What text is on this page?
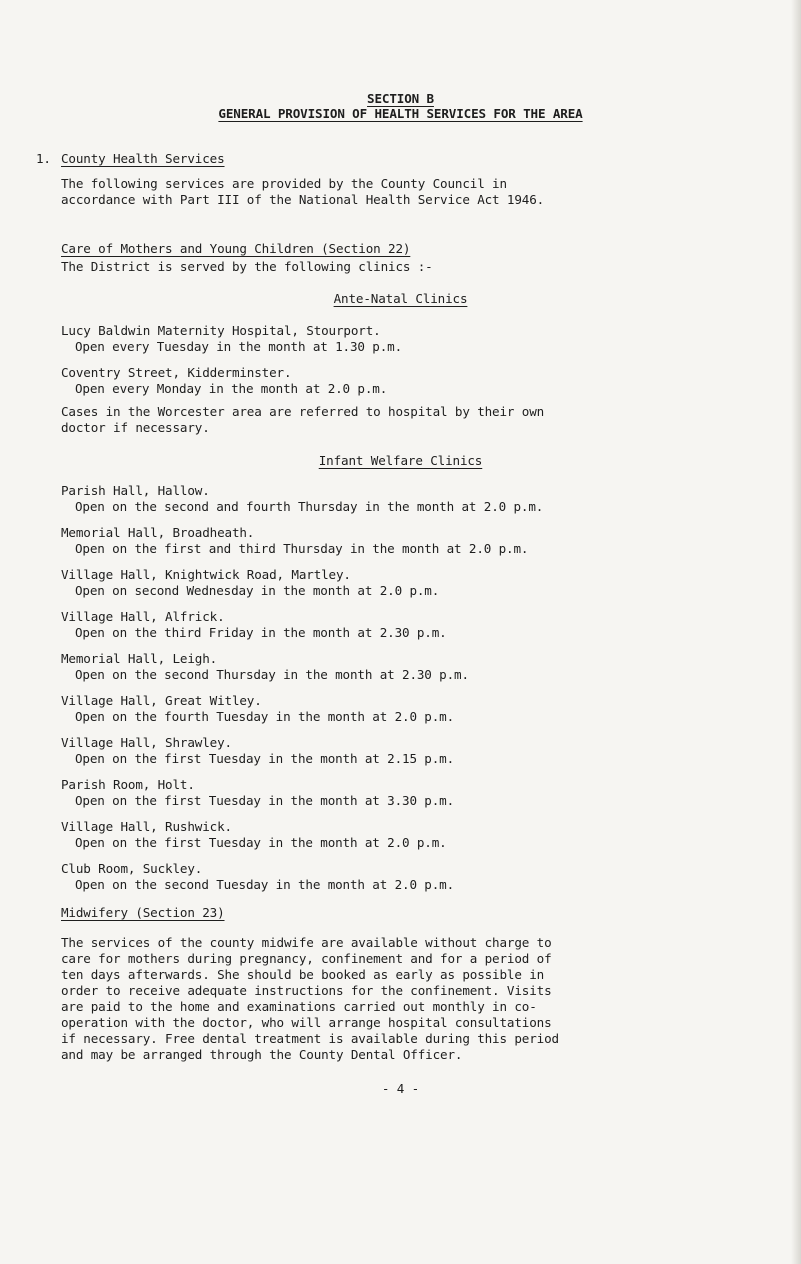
SECTION B
GENERAL PROVISION OF HEALTH SERVICES FOR THE AREA
1. County Health Services
The following services are provided by the County Council in
accordance with Part III of the National Health Service Act 1946.
Care of Mothers and Young Children (Section 22)
The District is served by the following clinics :-
Ante-Natal Clinics
Lucy Baldwin Maternity Hospital, Stourport.
Open every Tuesday in the month at 1.30 p.m.
Coventry Street, Kidderminster.
Open every Monday in the month at 2.0 p.m.
Cases in the Worcester area are referred to hospital by their own
doctor if necessary.
Infant Welfare Clinics
Parish Hall, Hallow.
Open on the second and fourth Thursday in the month at 2.0 p.m.
Memorial Hall, Broadheath.
Open on the first and third Thursday in the month at 2.0 p.m.
Village Hall, Knightwick Road, Martley.
Open on second Wednesday in the month at 2.0 p.m.
Village Hall, Alfrick.
Open on the third Friday in the month at 2.30 p.m.
Memorial Hall, Leigh.
Open on the second Thursday in the month at 2.30 p.m.
Village Hall, Great Witley.
Open on the fourth Tuesday in the month at 2.0 p.m.
Village Hall, Shrawley.
Open on the first Tuesday in the month at 2.15 p.m.
Parish Room, Holt.
Open on the first Tuesday in the month at 3.30 p.m.
Village Hall, Rushwick.
Open on the first Tuesday in the month at 2.0 p.m.
Club Room, Suckley.
Open on the second Tuesday in the month at 2.0 p.m.
Midwifery (Section 23)
The services of the county midwife are available without charge to
care for mothers during pregnancy, confinement and for a period of
ten days afterwards. She should be booked as early as possible in
order to receive adequate instructions for the confinement. Visits
are paid to the home and examinations carried out monthly in co-
operation with the doctor, who will arrange hospital consultations
if necessary. Free dental treatment is available during this period
and may be arranged through the County Dental Officer.
- 4 -
